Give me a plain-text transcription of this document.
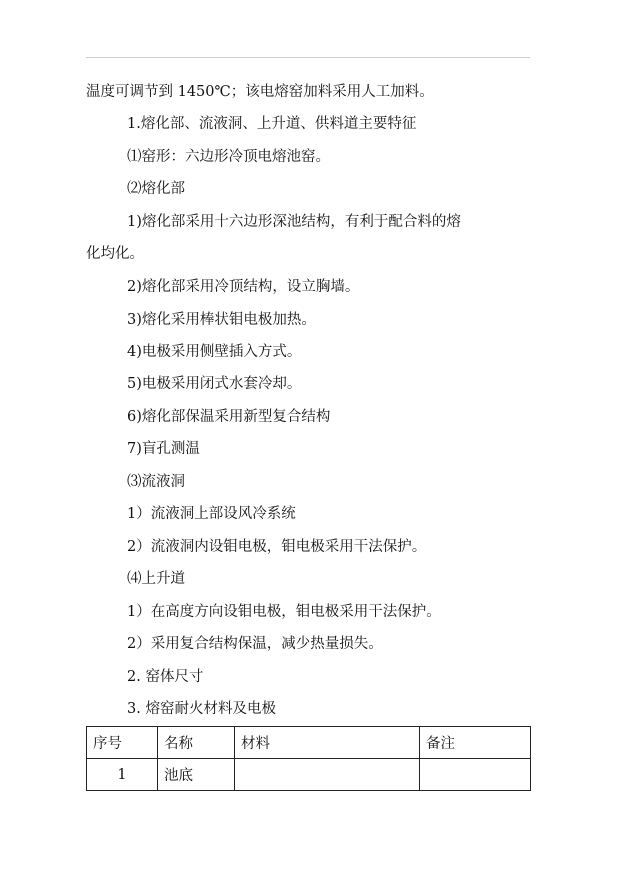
温度可调节到 1450℃；该电熔窑加料采用人工加料。
1.熔化部、流液洞、上升道、供料道主要特征
⑴窑形：六边形冷顶电熔池窑。
⑵熔化部
1)熔化部采用十六边形深池结构，有利于配合料的熔
化均化。
2)熔化部采用冷顶结构，设立胸墙。
3)熔化采用棒状钼电极加热。
4)电极采用侧壁插入方式。
5)电极采用闭式水套冷却。
6)熔化部保温采用新型复合结构
7)盲孔测温
⑶流液洞
1）流液洞上部设风冷系统
2）流液洞内设钼电极，钼电极采用干法保护。
⑷上升道
1）在高度方向设钼电极，钼电极采用干法保护。
2）采用复合结构保温，减少热量损失。
2. 窑体尺寸
3. 熔窑耐火材料及电极
序号	名称	材料	备注
1	池底		
